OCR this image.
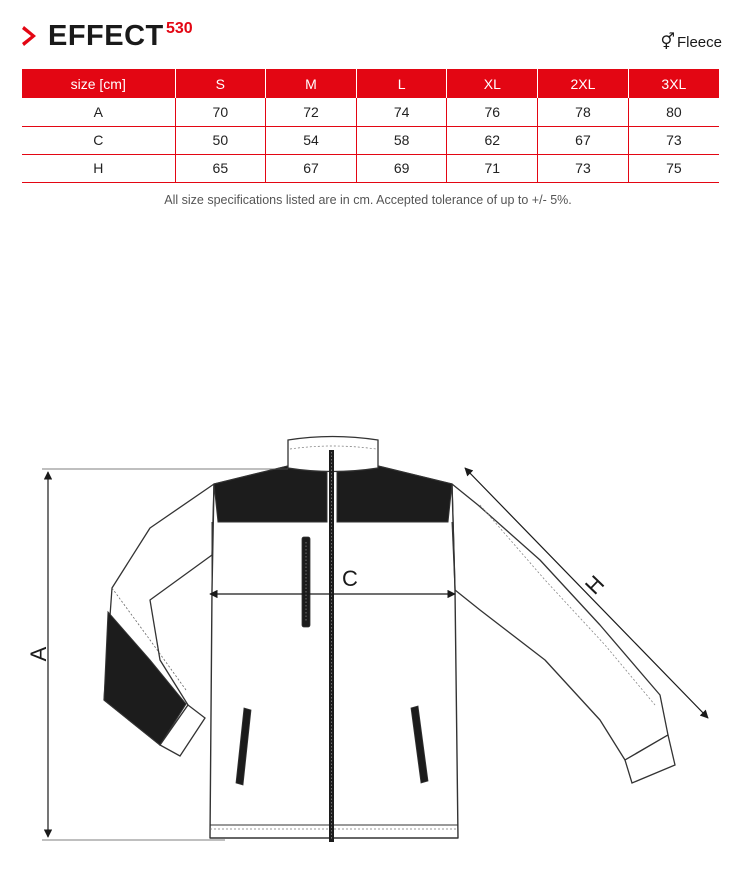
EFFECT 530
⚥ Fleece
size [cm]	S	M	L	XL	2XL	3XL
A	70	72	74	76	78	80
C	50	54	58	62	67	73
H	65	67	69	71	73	75
All size specifications listed are in cm. Accepted tolerance of up to +/- 5%.
A
C	H
